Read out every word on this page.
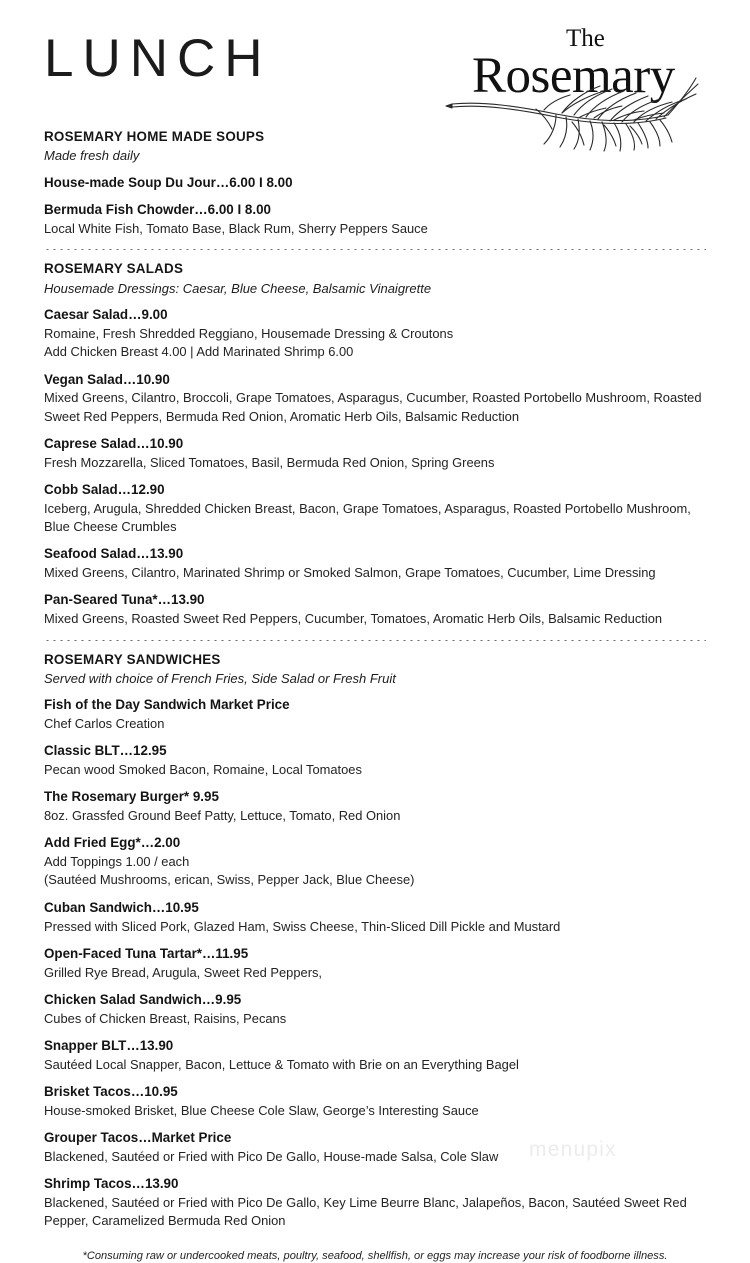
LUNCH	The
Rosemary
ROSEMARY HOME MADE SOUPS
Made fresh daily
House-made Soup Du Jour…6.00 I 8.00
Bermuda Fish Chowder…6.00 I 8.00
Local White Fish, Tomato Base, Black Rum, Sherry Peppers Sauce
ROSEMARY SALADS
Housemade Dressings: Caesar, Blue Cheese, Balsamic Vinaigrette
Caesar Salad…9.00
Romaine, Fresh Shredded Reggiano, Housemade Dressing & Croutons
Add Chicken Breast 4.00 | Add Marinated Shrimp 6.00
Vegan Salad…10.90
Mixed Greens, Cilantro, Broccoli, Grape Tomatoes, Asparagus, Cucumber, Roasted Portobello Mushroom, Roasted Sweet Red Peppers, Bermuda Red Onion, Aromatic Herb Oils, Balsamic Reduction
Caprese Salad…10.90
Fresh Mozzarella, Sliced Tomatoes, Basil, Bermuda Red Onion, Spring Greens
Cobb Salad…12.90
Iceberg, Arugula, Shredded Chicken Breast, Bacon, Grape Tomatoes, Asparagus, Roasted Portobello Mushroom, Blue Cheese Crumbles
Seafood Salad…13.90
Mixed Greens, Cilantro, Marinated Shrimp or Smoked Salmon, Grape Tomatoes, Cucumber, Lime Dressing
Pan-Seared Tuna*…13.90
Mixed Greens, Roasted Sweet Red Peppers, Cucumber, Tomatoes, Aromatic Herb Oils, Balsamic Reduction
ROSEMARY SANDWICHES
Served with choice of French Fries, Side Salad or Fresh Fruit
Fish of the Day Sandwich Market Price
Chef Carlos Creation
Classic BLT…12.95
Pecan wood Smoked Bacon, Romaine, Local Tomatoes
The Rosemary Burger* 9.95
8oz. Grassfed Ground Beef Patty, Lettuce, Tomato, Red Onion
Add Fried Egg*…2.00
Add Toppings 1.00 / each
(Sautéed Mushrooms, erican, Swiss, Pepper Jack, Blue Cheese)
Cuban Sandwich…10.95
Pressed with Sliced Pork, Glazed Ham, Swiss Cheese, Thin-Sliced Dill Pickle and Mustard
Open-Faced Tuna Tartar*…11.95
Grilled Rye Bread, Arugula, Sweet Red Peppers,
Chicken Salad Sandwich…9.95
Cubes of Chicken Breast, Raisins, Pecans
Snapper BLT…13.90
Sautéed Local Snapper, Bacon, Lettuce & Tomato with Brie on an Everything Bagel
Brisket Tacos…10.95
House-smoked Brisket, Blue Cheese Cole Slaw, George’s Interesting Sauce
Grouper Tacos…Market Price
Blackened, Sautéed or Fried with Pico De Gallo, House-made Salsa, Cole Slaw
Shrimp Tacos…13.90
Blackened, Sautéed or Fried with Pico De Gallo, Key Lime Beurre Blanc, Jalapeños, Bacon, Sautéed Sweet Red Pepper, Caramelized Bermuda Red Onion
*Consuming raw or undercooked meats, poultry, seafood, shellfish, or eggs may increase your risk of foodborne illness.
menupix
